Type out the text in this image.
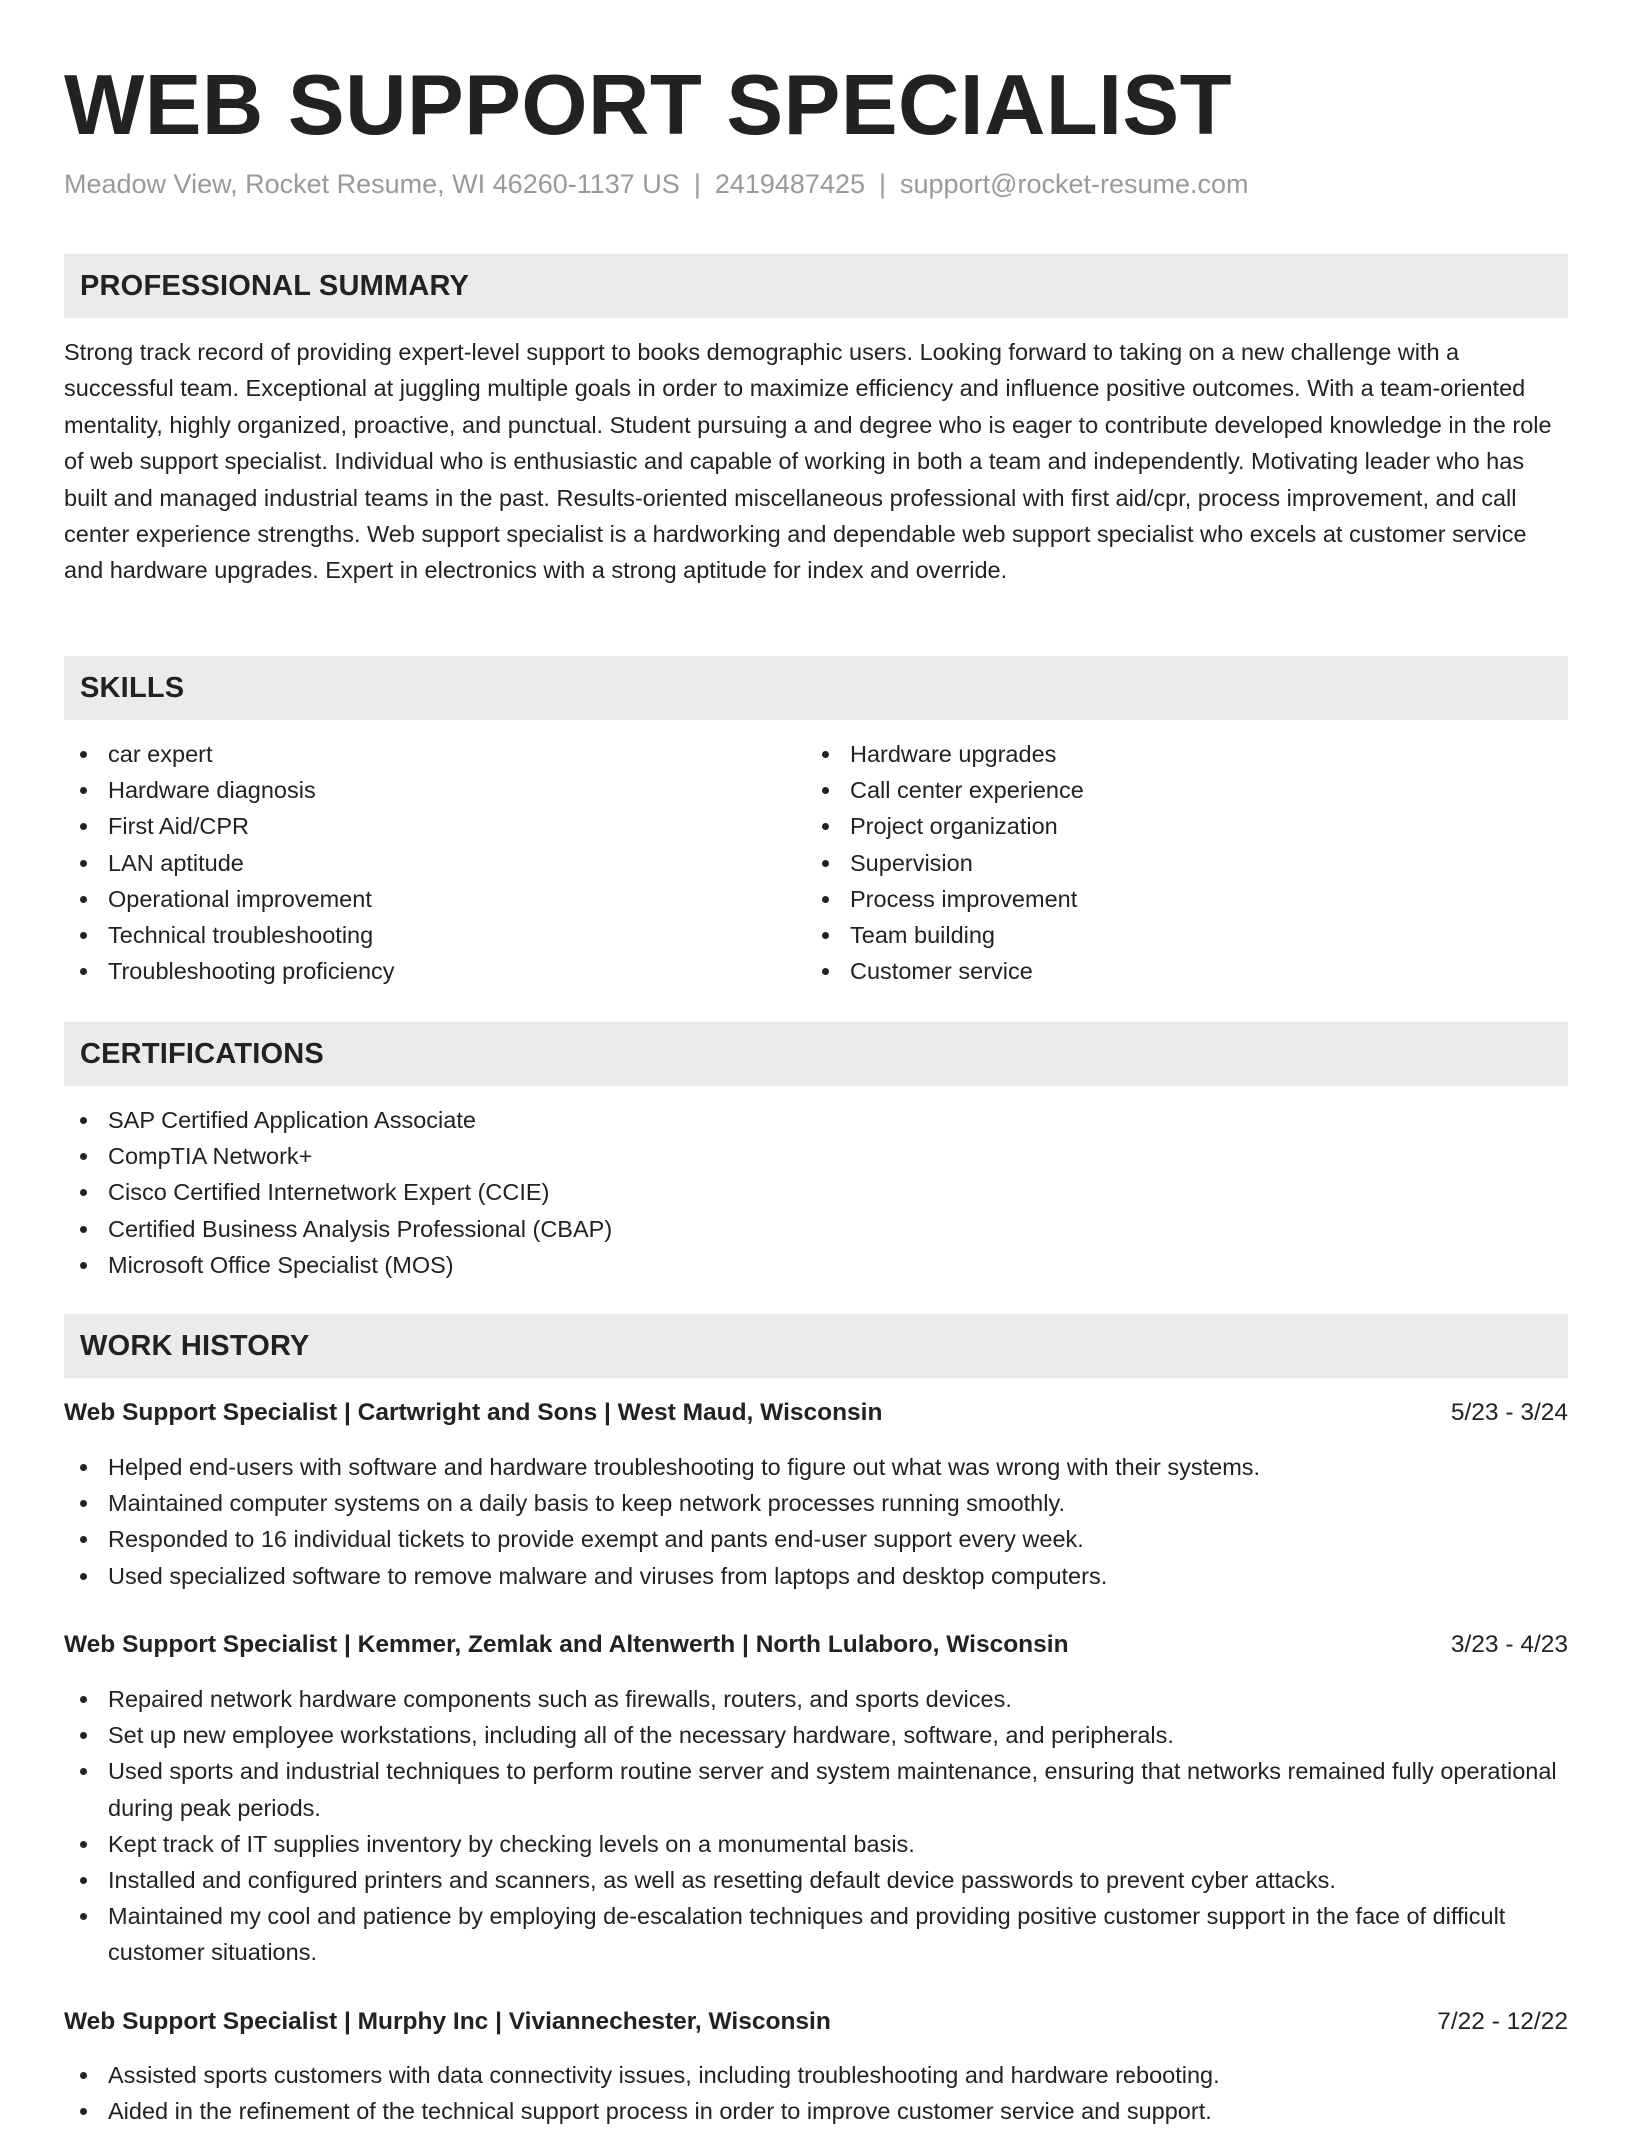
WEB SUPPORT SPECIALIST
Meadow View, Rocket Resume, WI 46260-1137 US | 2419487425 | support@rocket-resume.com
PROFESSIONAL SUMMARY

Strong track record of providing expert-level support to books demographic users. Looking forward to taking on a new challenge with a successful team. Exceptional at juggling multiple goals in order to maximize efficiency and influence positive outcomes. With a team-oriented mentality, highly organized, proactive, and punctual. Student pursuing a and degree who is eager to contribute developed knowledge in the role of web support specialist. Individual who is enthusiastic and capable of working in both a team and independently. Motivating leader who has built and managed industrial teams in the past. Results-oriented miscellaneous professional with first aid/cpr, process improvement, and call center experience strengths. Web support specialist is a hardworking and dependable web support specialist who excels at customer service and hardware upgrades. Expert in electronics with a strong aptitude for index and override.

SKILLS
car expert
Hardware diagnosis
First Aid/CPR
LAN aptitude
Operational improvement
Technical troubleshooting
Troubleshooting proficiency
Hardware upgrades
Call center experience
Project organization
Supervision
Process improvement
Team building
Customer service
CERTIFICATIONS
SAP Certified Application Associate
CompTIA Network+
Cisco Certified Internetwork Expert (CCIE)
Certified Business Analysis Professional (CBAP)
Microsoft Office Specialist (MOS)
WORK HISTORY
Web Support Specialist | Cartwright and Sons | West Maud, Wisconsin	5/23 - 3/24
Helped end-users with software and hardware troubleshooting to figure out what was wrong with their systems.
Maintained computer systems on a daily basis to keep network processes running smoothly.
Responded to 16 individual tickets to provide exempt and pants end-user support every week.
Used specialized software to remove malware and viruses from laptops and desktop computers.
Web Support Specialist | Kemmer, Zemlak and Altenwerth | North Lulaboro, Wisconsin	3/23 - 4/23
Repaired network hardware components such as firewalls, routers, and sports devices.
Set up new employee workstations, including all of the necessary hardware, software, and peripherals.
Used sports and industrial techniques to perform routine server and system maintenance, ensuring that networks remained fully operational during peak periods.
Kept track of IT supplies inventory by checking levels on a monumental basis.
Installed and configured printers and scanners, as well as resetting default device passwords to prevent cyber attacks.
Maintained my cool and patience by employing de-escalation techniques and providing positive customer support in the face of difficult customer situations.
Web Support Specialist | Murphy Inc | Viviannechester, Wisconsin	7/22 - 12/22
Assisted sports customers with data connectivity issues, including troubleshooting and hardware rebooting.
Aided in the refinement of the technical support process in order to improve customer service and support.
